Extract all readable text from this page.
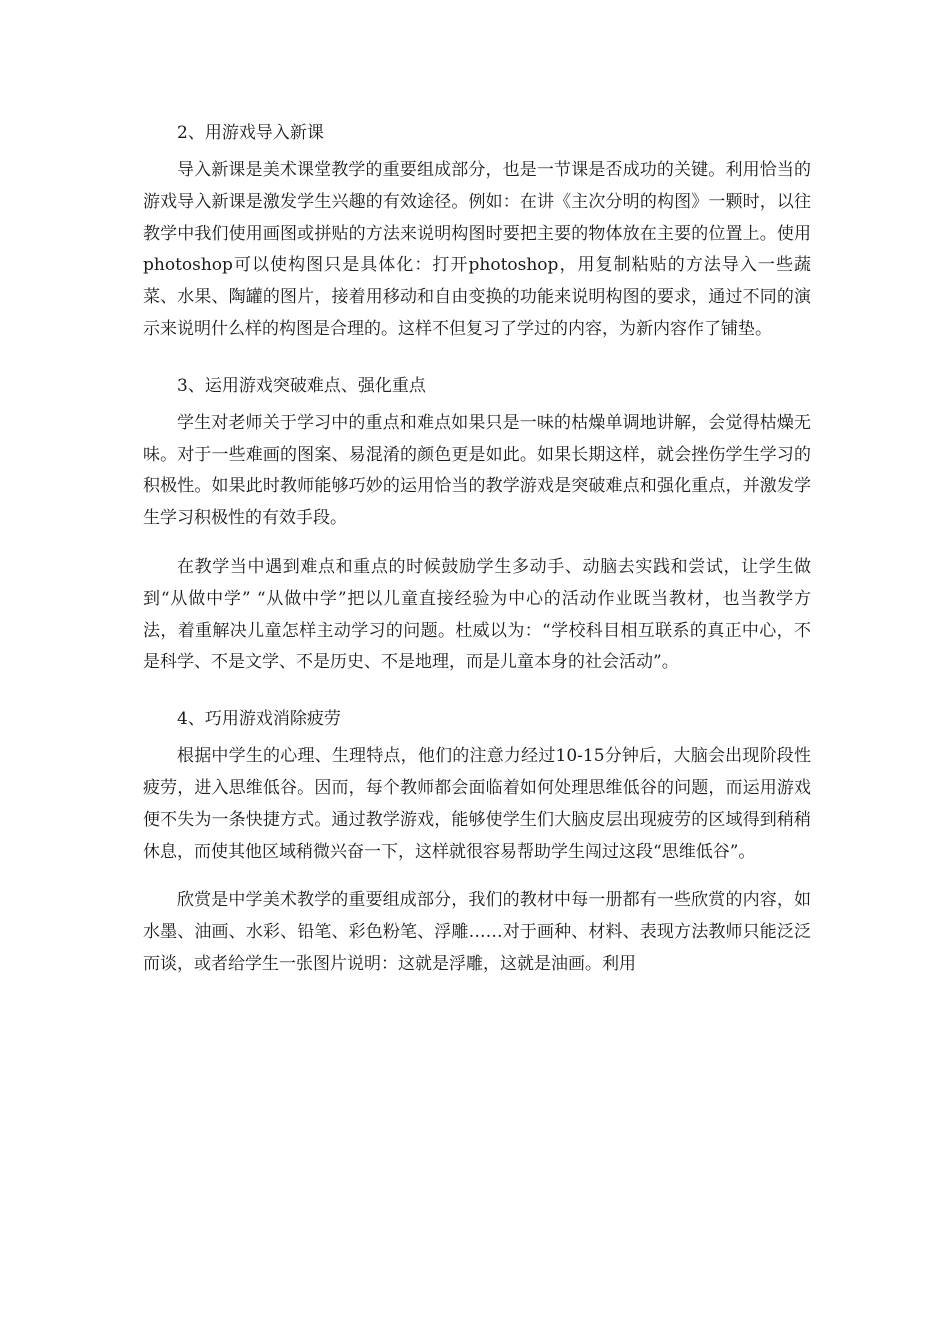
2、用游戏导入新课

导入新课是美术课堂教学的重要组成部分，也是一节课是否成功的关键。利用恰当的游戏导入新课是激发学生兴趣的有效途径。例如：在讲《主次分明的构图》一颗时，以往教学中我们使用画图或拼贴的方法来说明构图时要把主要的物体放在主要的位置上。使用photoshop可以使构图只是具体化：打开photoshop，用复制粘贴的方法导入一些蔬菜、水果、陶罐的图片，接着用移动和自由变换的功能来说明构图的要求，通过不同的演示来说明什么样的构图是合理的。这样不但复习了学过的内容，为新内容作了铺垫。

3、运用游戏突破难点、强化重点

学生对老师关于学习中的重点和难点如果只是一味的枯燥单调地讲解，会觉得枯燥无味。对于一些难画的图案、易混淆的颜色更是如此。如果长期这样，就会挫伤学生学习的积极性。如果此时教师能够巧妙的运用恰当的教学游戏是突破难点和强化重点，并激发学生学习积极性的有效手段。

在教学当中遇到难点和重点的时候鼓励学生多动手、动脑去实践和尝试，让学生做到“从做中学” “从做中学”把以儿童直接经验为中心的活动作业既当教材，也当教学方法，着重解决儿童怎样主动学习的问题。杜威以为：“学校科目相互联系的真正中心，不是科学、不是文学、不是历史、不是地理，而是儿童本身的社会活动”。

4、巧用游戏消除疲劳

根据中学生的心理、生理特点，他们的注意力经过10-15分钟后，大脑会出现阶段性疲劳，进入思维低谷。因而，每个教师都会面临着如何处理思维低谷的问题，而运用游戏便不失为一条快捷方式。通过教学游戏，能够使学生们大脑皮层出现疲劳的区域得到稍稍休息，而使其他区域稍微兴奋一下，这样就很容易帮助学生闯过这段“思维低谷”。

欣赏是中学美术教学的重要组成部分，我们的教材中每一册都有一些欣赏的内容，如水墨、油画、水彩、铅笔、彩色粉笔、浮雕……对于画种、材料、表现方法教师只能泛泛而谈，或者给学生一张图片说明：这就是浮雕，这就是油画。利用
